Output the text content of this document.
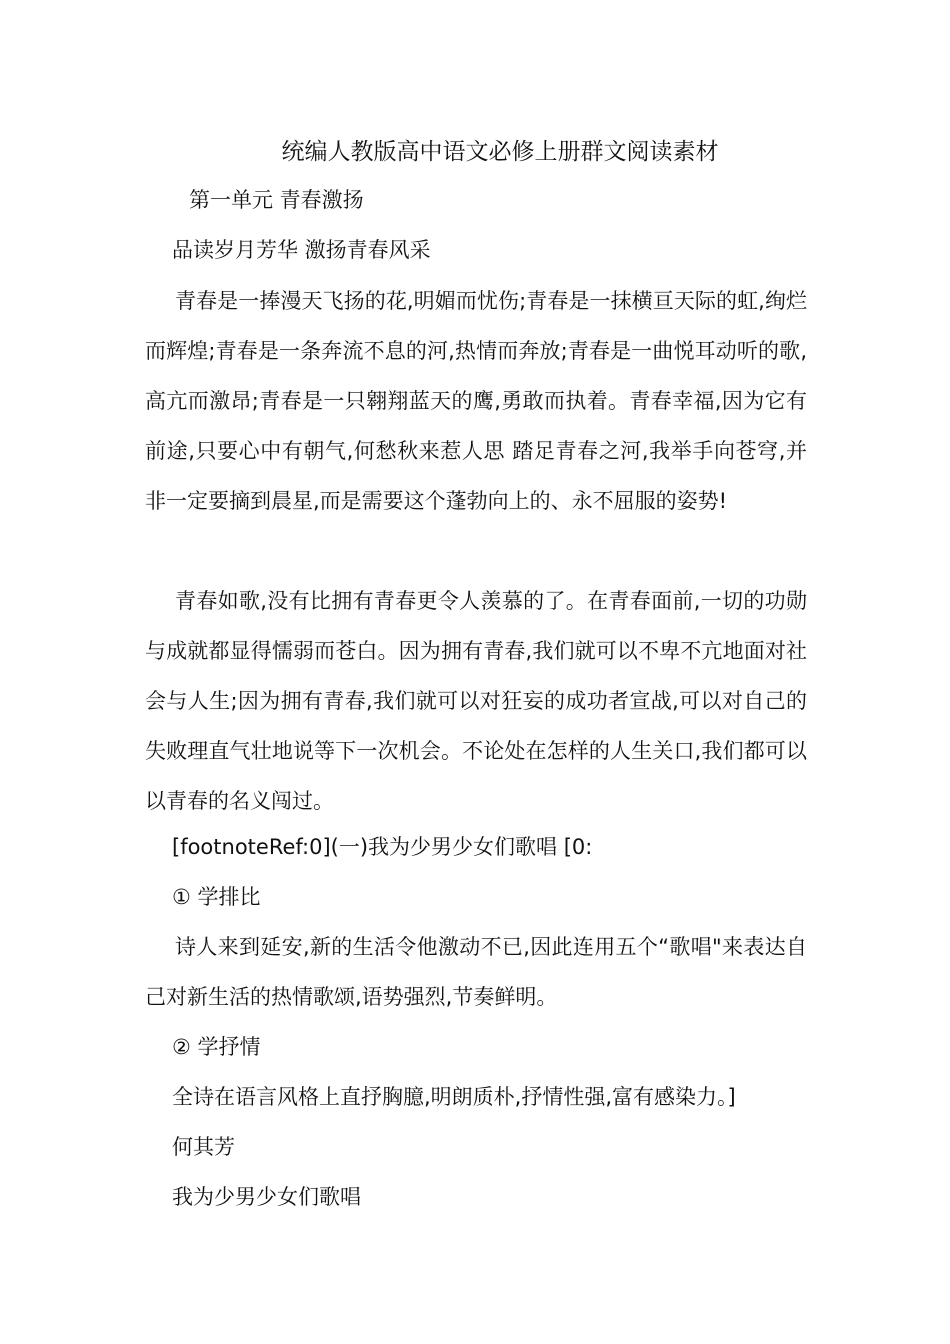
统编人教版高中语文必修上册群文阅读素材
第一单元 青春激扬
品读岁月芳华 激扬青春风采
青春是一捧漫天飞扬的花,明媚而忧伤;青春是一抹横亘天际的虹,绚烂而辉煌;青春是一条奔流不息的河,热情而奔放;青春是一曲悦耳动听的歌,高亢而激昂;青春是一只翱翔蓝天的鹰,勇敢而执着。青春幸福,因为它有前途,只要心中有朝气,何愁秋来惹人思 踏足青春之河,我举手向苍穹,并非一定要摘到晨星,而是需要这个蓬勃向上的、永不屈服的姿势!
青春如歌,没有比拥有青春更令人羡慕的了。在青春面前,一切的功勋与成就都显得懦弱而苍白。因为拥有青春,我们就可以不卑不亢地面对社会与人生;因为拥有青春,我们就可以对狂妄的成功者宣战,可以对自己的失败理直气壮地说等下一次机会。不论处在怎样的人生关口,我们都可以以青春的名义闯过。
[footnoteRef:0](一)我为少男少女们歌唱 [0:
① 学排比
诗人来到延安,新的生活令他激动不已,因此连用五个“歌唱"来表达自己对新生活的热情歌颂,语势强烈,节奏鲜明。
② 学抒情
全诗在语言风格上直抒胸臆,明朗质朴,抒情性强,富有感染力。]
何其芳
我为少男少女们歌唱
